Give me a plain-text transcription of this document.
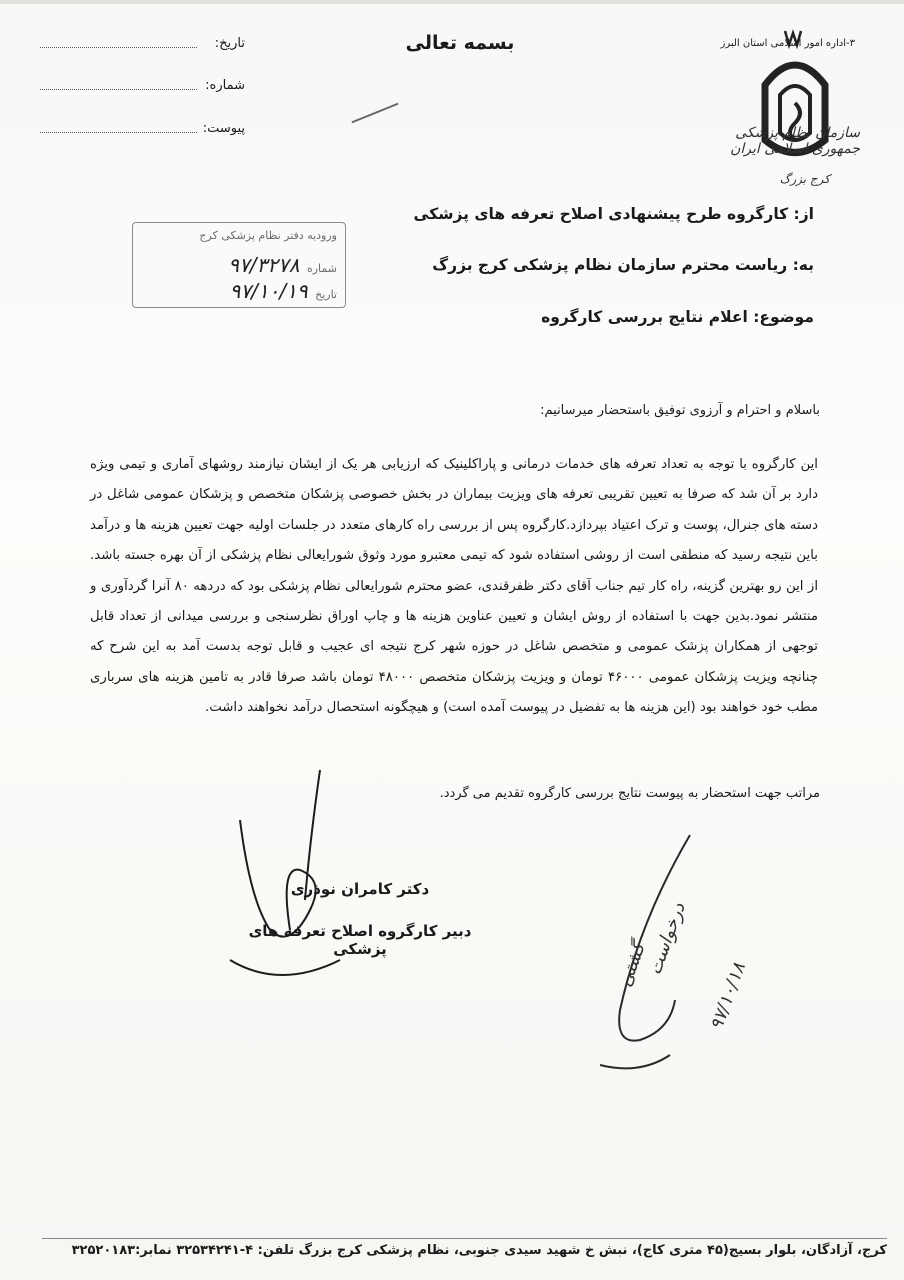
تاریخ:
شماره:
پیوست:
بسمه تعالی	۳-اداره امور اسلامی استان البرز
سازمان نظام پزشکی جمهوری اسلامی ایران
کرج بزرگ
ورودیه دفتر نظام پزشکی کرج
شماره ۹۷/۳۲۷۸
تاریخ ۹۷/۱۰/۱۹
از: کارگروه طرح پیشنهادی اصلاح تعرفه های پزشکی
به: ریاست محترم سازمان نظام پزشکی کرج بزرگ
موضوع: اعلام نتایج بررسی کارگروه
باسلام و احترام و آرزوی توفیق باستحضار میرسانیم:
این کارگروه با توجه به تعداد تعرفه های خدمات درمانی و پاراکلینیک که ارزیابی هر یک از ایشان نیازمند روشهای آماری و تیمی ویژه دارد بر آن شد که صرفا به تعیین تقریبی تعرفه های ویزیت بیماران در بخش خصوصی پزشکان متخصص و پزشکان عمومی شاغل در دسته های جنرال، پوست و ترک اعتیاد بپردازد.کارگروه پس از بررسی راه کارهای متعدد در جلسات اولیه جهت تعیین هزینه ها و درآمد باین نتیجه رسید که منطقی است از روشی استفاده شود که تیمی معتبرو مورد وثوق شورایعالی نظام پزشکی از آن بهره جسته باشد. از این رو بهترین گزینه، راه کار تیم جناب آقای دکتر ظفرقندی، عضو محترم شورایعالی نظام پزشکی بود که دردهه ۸۰ آنرا گردآوری و منتشر نمود.بدین جهت با استفاده از روش ایشان و تعیین عناوین هزینه ها و چاپ اوراق نظرسنجی و بررسی میدانی از تعداد قابل توجهی از همکاران پزشک عمومی و متخصص شاغل در حوزه شهر کرج نتیجه ای عجیب و قابل توجه بدست آمد به این شرح که چنانچه ویزیت پزشکان عمومی ۴۶۰۰۰ تومان و ویزیت پزشکان متخصص ۴۸۰۰۰ تومان باشد صرفا قادر به تامین هزینه های سرباری مطب خود خواهند بود (این هزینه ها به تفضیل در پیوست آمده است) و هیچگونه استحصال درآمد نخواهند داشت.
مراتب جهت استحضار به پیوست نتایج بررسی کارگروه تقدیم می گردد.
دکتر کامران نوذری
دبیر کارگروه اصلاح تعرفه های پزشکی	درخواست
گشتی	۹۷/۱۰/۱۸
کرج، آزادگان، بلوار بسیج(۴۵ متری کاج)، نبش خ شهید سیدی جنوبی، نظام پزشکی کرج بزرگ تلفن: ۴-۳۲۵۳۴۲۴۱ نمابر:۳۲۵۲۰۱۸۳
